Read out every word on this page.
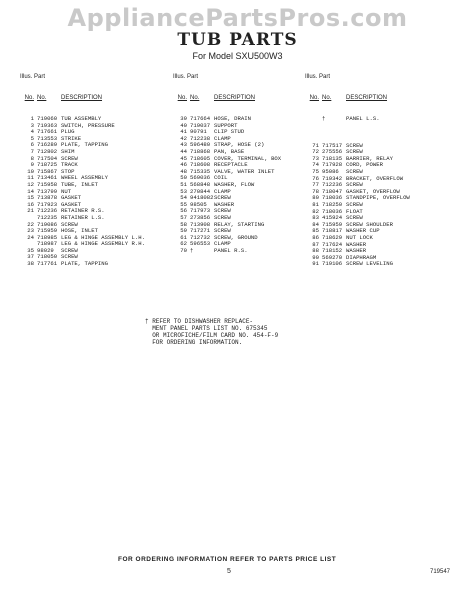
AppliancePartsPros.com
TUB PARTS
For Model SXU500W3

Illus. Part

No. No.	DESCRIPTION

1 719060 TUB ASSEMBLY
3 719363 SWITCH, PRESSURE
4 717661 PLUG
5 713553 STRIKE
6 716289 PLATE, TAPPING
7 712802 SHIM
8 717504 SCREW
9 718725 TRACK
10 715867 STOP
11 713461 WHEEL ASSEMBLY
12 715958 TUBE, INLET
14 713799 NUT
15 713878 GASKET
16 717923 GASKET
21 712236 RETAINER R.S.
712235 RETAINER L.S.
22 719086 SCREW
23 715959 HOSE, INLET
24 718985 LEG & HINGE ASSEMBLY L.H.
718987 LEG & HINGE ASSEMBLY R.H.
35 98029	SCREW
37 718050 SCREW
38 717761 PLATE, TAPPING

Illus. Part

No. No.	DESCRIPTION

39 717664 HOSE, DRAIN
40 719037 SUPPORT
41 90791	CLIP STUD
42 712238 CLAMP
43 596480 STRAP, HOSE (2)
44 718868 PAN, BASE
45 718605 COVER, TERMINAL, BOX
46 718608 RECEPTACLE
48 715335 VALVE, WATER INLET
50 569036 COIL
51 568848 WASHER, FLOW
53 270844 CLAMP
54 9418082 SCREW
55 98505	WASHER
56 717973 SCREW
57 273856 SCREW
58 713908 RELAY, STARTING
59 717271 SCREW
61 712732 SCREW, GROUND
62 596553 CLAMP
70 †	PANEL R.S.

Illus. Part

No. No.	DESCRIPTION

†	PANEL L.S.
71 717517 SCREW
72 275556 SCREW
73 718135 BARRIER, RELAY
74 717928 CORD, POWER
75 95086	SCREW
76 719342 BRACKET, OVERFLOW
77 712236 SCREW
78 718047 GASKET, OVERFLOW
80 718036 STANDPIPE, OVERFLOW
81 718250 SCREW
82 718036 FLOAT
83 415924 SCREW
84 715959 SCREW SHOULDER
85 718817 WASHER CUP
86 718629 NUT LOCK
87 717624 WASHER
88 718152 WASHER
90 569270 DIAPHRAGM
91 719106 SCREW LEVELING
† REFER TO DISHWASHER REPLACE-
MENT PANEL PARTS LIST NO. 675345
OR MICROFICHE/FILM CARD NO. 454-F-9
FOR ORDERING INFORMATION.
FOR ORDERING INFORMATION REFER TO PARTS PRICE LIST
5	719547
